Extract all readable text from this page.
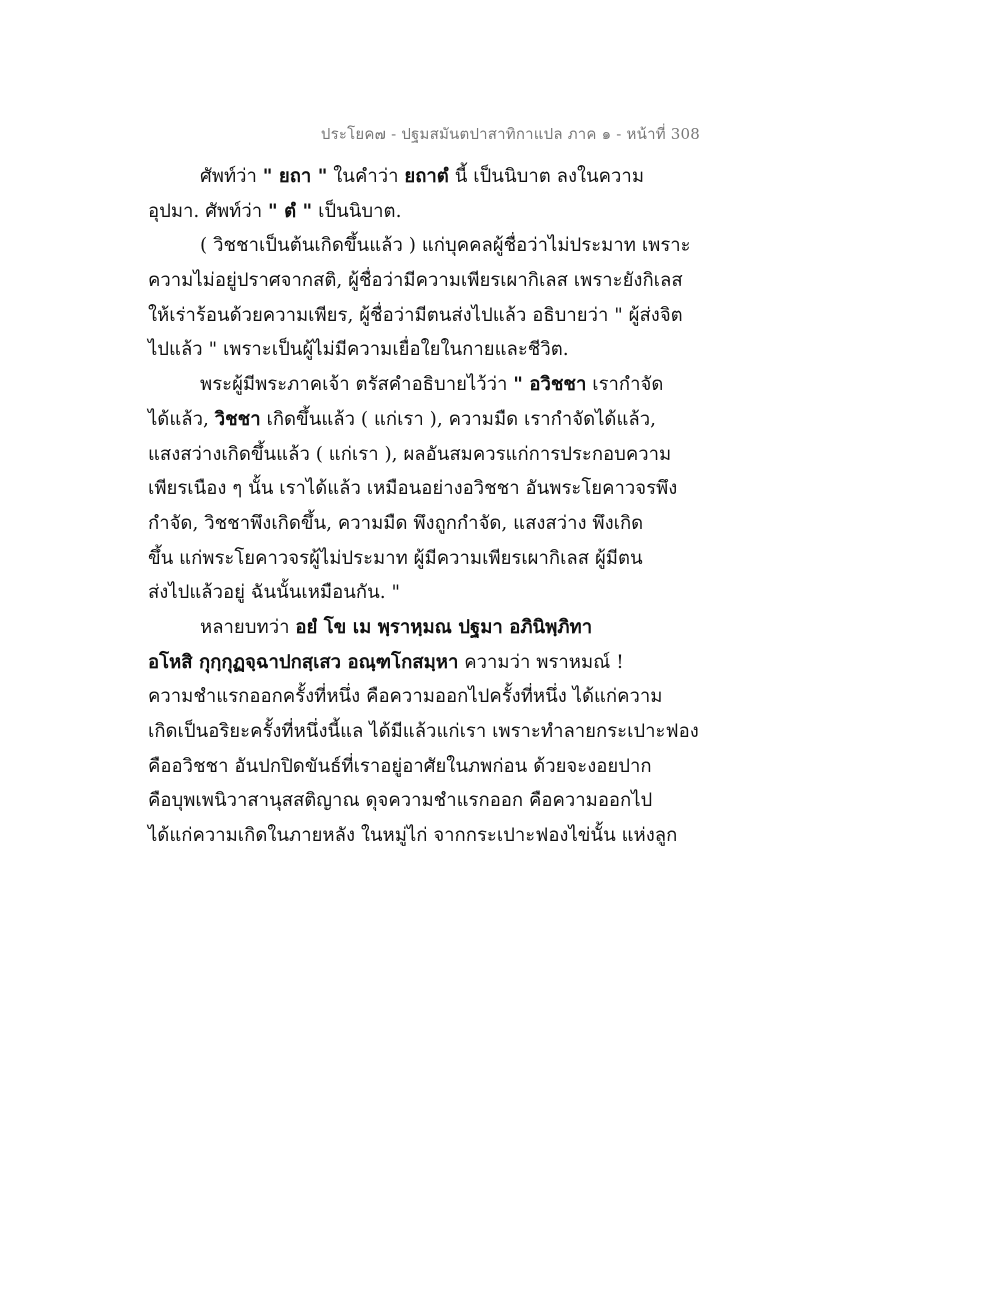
ประโยค๗ - ปฐมสมันตปาสาทิกาแปล ภาค ๑ - หน้าที่ 308
ศัพท์ว่า " ยถา " ในคำว่า ยถาตํ นี้ เป็นนิบาต ลงในความ
อุปมา. ศัพท์ว่า " ตํ " เป็นนิบาต.
( วิชชาเป็นต้นเกิดขึ้นแล้ว ) แก่บุคคลผู้ชื่อว่าไม่ประมาท เพราะ
ความไม่อยู่ปราศจากสติ, ผู้ชื่อว่ามีความเพียรเผากิเลส เพราะยังกิเลส
ให้เร่าร้อนด้วยความเพียร, ผู้ชื่อว่ามีตนส่งไปแล้ว อธิบายว่า " ผู้ส่งจิต
ไปแล้ว " เพราะเป็นผู้ไม่มีความเยื่อใยในกายและชีวิต.
พระผู้มีพระภาคเจ้า ตรัสคำอธิบายไว้ว่า " อวิชชา เรากำจัด
ได้แล้ว, วิชชา เกิดขึ้นแล้ว ( แก่เรา ), ความมืด เรากำจัดได้แล้ว,
แสงสว่างเกิดขึ้นแล้ว ( แก่เรา ), ผลอันสมควรแก่การประกอบความ
เพียรเนือง ๆ นั้น เราได้แล้ว เหมือนอย่างอวิชชา อันพระโยคาวจรพึง
กำจัด, วิชชาพึงเกิดขึ้น, ความมืด พึงถูกกำจัด, แสงสว่าง พึงเกิด
ขึ้น แก่พระโยคาวจรผู้ไม่ประมาท ผู้มีความเพียรเผากิเลส ผู้มีตน
ส่งไปแล้วอยู่ ฉันนั้นเหมือนกัน. "
หลายบทว่า อยํ โข เม พฺราหฺมณ ปฐมา อภินิพฺภิทา
อโหสิ กุกฺกุฏจฺฉาปกสฺเสว อณฺฑโกสมฺหา ความว่า พราหมณ์ !
ความชำแรกออกครั้งที่หนึ่ง คือความออกไปครั้งที่หนึ่ง ได้แก่ความ
เกิดเป็นอริยะครั้งที่หนึ่งนี้แล ได้มีแล้วแก่เรา เพราะทำลายกระเปาะฟอง
คืออวิชชา อันปกปิดขันธ์ที่เราอยู่อาศัยในภพก่อน ด้วยจะงอยปาก
คือบุพเพนิวาสานุสสติญาณ ดุจความชำแรกออก คือความออกไป
ได้แก่ความเกิดในภายหลัง ในหมู่ไก่ จากกระเปาะฟองไข่นั้น แห่งลูก
